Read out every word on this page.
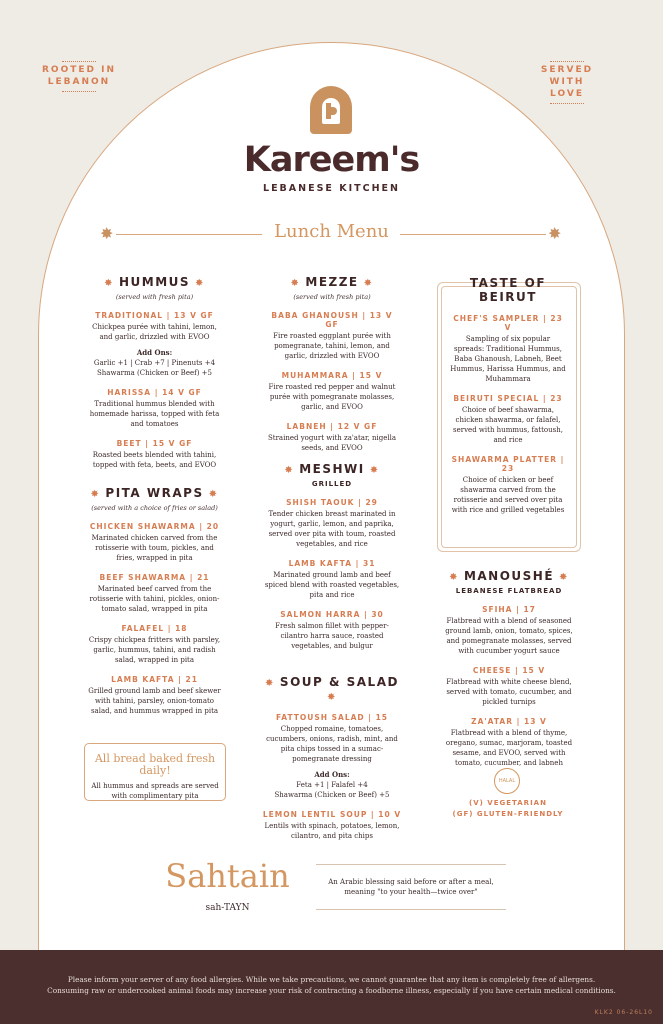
ROOTED IN
LEBANON
SERVED WITH
LOVE
Kareem's
LEBANESE KITCHEN
✸	✸
Lunch Menu
✸ HUMMUS ✸
(served with fresh pita)
TRADITIONAL | 13 V GF
Chickpea purée with tahini, lemon, and garlic, drizzled with EVOO
Add Ons:
Garlic +1 | Crab +7 | Pinenuts +4
Shawarma (Chicken or Beef) +5
HARISSA | 14 V GF
Traditional hummus blended with homemade harissa, topped with feta and tomatoes
BEET | 15 V GF
Roasted beets blended with tahini, topped with feta, beets, and EVOO
✸ PITA WRAPS ✸
(served with a choice of fries or salad)
CHICKEN SHAWARMA | 20
Marinated chicken carved from the rotisserie with toum, pickles, and fries, wrapped in pita
BEEF SHAWARMA | 21
Marinated beef carved from the rotisserie with tahini, pickles, onion-tomato salad, wrapped in pita
FALAFEL | 18
Crispy chickpea fritters with parsley, garlic, hummus, tahini, and radish salad, wrapped in pita
LAMB KAFTA | 21
Grilled ground lamb and beef skewer with tahini, parsley, onion-tomato salad, and hummus wrapped in pita
All bread baked fresh daily!
All hummus and spreads are served with complimentary pita
✸ MEZZE ✸
(served with fresh pita)
BABA GHANOUSH | 13 V GF
Fire roasted eggplant purée with pomegranate, tahini, lemon, and garlic, drizzled with EVOO
MUHAMMARA | 15 V
Fire roasted red pepper and walnut purée with pomegranate molasses, garlic, and EVOO
LABNEH | 12 V GF
Strained yogurt with za'atar, nigella seeds, and EVOO
✸ MESHWI ✸
GRILLED
SHISH TAOUK | 29
Tender chicken breast marinated in yogurt, garlic, lemon, and paprika, served over pita with toum, roasted vegetables, and rice
LAMB KAFTA | 31
Marinated ground lamb and beef spiced blend with roasted vegetables, pita and rice
SALMON HARRA | 30
Fresh salmon fillet with pepper-cilantro harra sauce, roasted vegetables, and bulgur
✸ SOUP & SALAD ✸
FATTOUSH SALAD | 15
Chopped romaine, tomatoes, cucumbers, onions, radish, mint, and pita chips tossed in a sumac-pomegranate dressing
Add Ons:
Feta +1 | Falafel +4
Shawarma (Chicken or Beef) +5
LEMON LENTIL SOUP | 10 V
Lentils with spinach, potatoes, lemon, cilantro, and pita chips
TASTE OF BEIRUT
CHEF'S SAMPLER | 23 V
Sampling of six popular spreads: Traditional Hummus, Baba Ghanoush, Labneh, Beet Hummus, Harissa Hummus, and Muhammara
BEIRUTI SPECIAL | 23
Choice of beef shawarma, chicken shawarma, or falafel, served with hummus, fattoush, and rice
SHAWARMA PLATTER | 23
Choice of chicken or beef shawarma carved from the rotisserie and served over pita with rice and grilled vegetables
✸ MANOUSHÉ ✸
LEBANESE FLATBREAD
SFIHA | 17
Flatbread with a blend of seasoned ground lamb, onion, tomato, spices, and pomegranate molasses, served with cucumber yogurt sauce
CHEESE | 15 V
Flatbread with white cheese blend, served with tomato, cucumber, and pickled turnips
ZA'ATAR | 13 V
Flatbread with a blend of thyme, oregano, sumac, marjoram, toasted sesame, and EVOO, served with tomato, cucumber, and labneh
HALAL
(V) VEGETARIAN
(GF) GLUTEN-FRIENDLY
Sahtain
sah-TAYN
An Arabic blessing said before or after a meal, meaning "to your health—twice over"
Please inform your server of any food allergies. While we take precautions, we cannot guarantee that any item is completely free of allergens.
Consuming raw or undercooked animal foods may increase your risk of contracting a foodborne illness, especially if you have certain medical conditions.
KLK2 06-26L10
